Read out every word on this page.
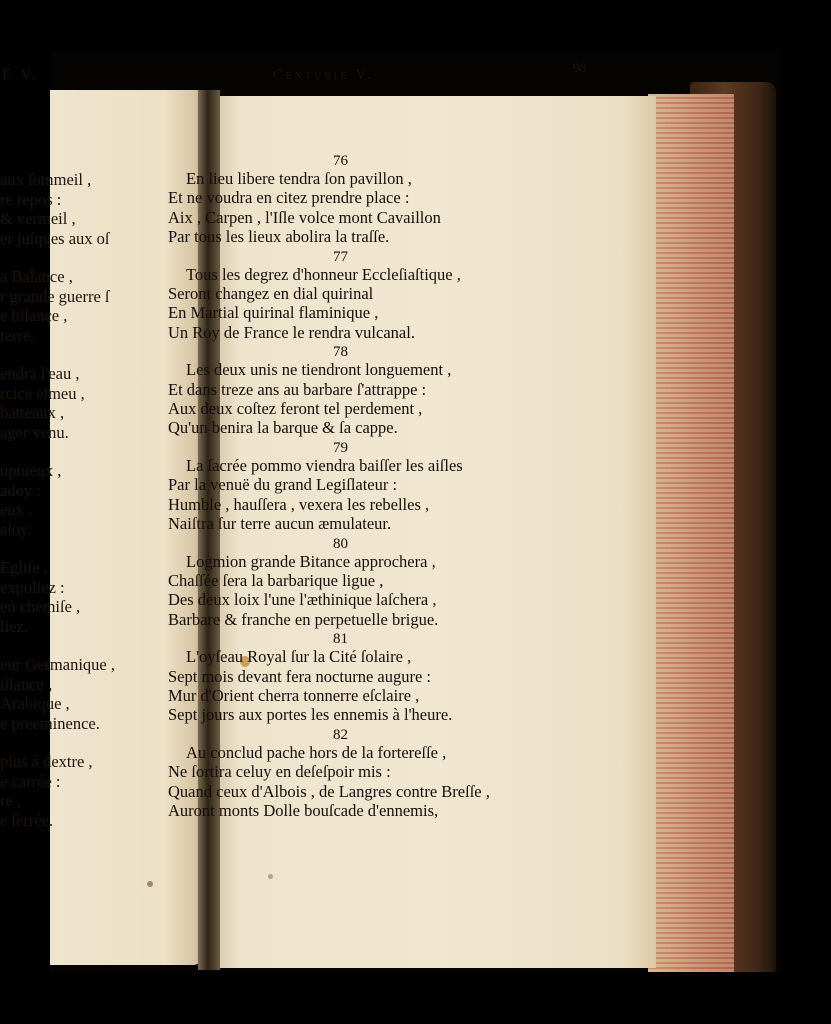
E V.
aux ſommeil ,
re repos :
& vermeil ,
er juſques aux oſ
a Balance ,
r grande guerre ſ
e biſance ,
terre.
endra l'eau ,
rcice eſmeu ,
batteaux ,
ager venu.
uptueux ,
adoy :
eux ,
aloy.
Egliſe ,
expoliez :
en chemiſe ,
liez.
eur Germanique ,
iſſance ,
Arabique ,
e preeminence.
plus à dextre ,
e carrée :
re ,
e ſerrée.
Centurie V.	98
76
En lieu libere tendra ſon pavillon ,
Et ne voudra en citez prendre place :
Aix , Carpen , l'Iſle volce mont Cavaillon
Par tous les lieux abolira la traſſe.
77
Tous les degrez d'honneur Eccleſiaſtique ,
Seront changez en dial quirinal
En Martial quirinal flaminique ,
Un Roy de France le rendra vulcanal.
78
Les deux unis ne tiendront longuement ,
Et dans treze ans au barbare ſ'attrappe :
Aux deux coſtez feront tel perdement ,
Qu'un benira la barque & ſa cappe.
79
La ſacrée pommo viendra baiſſer les aiſles
Par la venuë du grand Legiſlateur :
Humble , hauſſera , vexera les rebelles ,
Naiſtra ſur terre aucun æmulateur.
80
Logmion grande Bitance approchera ,
Chaſſée ſera la barbarique ligue ,
Des deux loix l'une l'æthinique laſchera ,
Barbare & franche en perpetuelle brigue.
81
L'oyſeau Royal ſur la Cité ſolaire ,
Sept mois devant fera nocturne augure :
Mur d'Orient cherra tonnerre eſclaire ,
Sept jours aux portes les ennemis à l'heure.
82
Au conclud pache hors de la fortereſſe ,
Ne ſortira celuy en deſeſpoir mis :
Quand ceux d'Albois , de Langres contre Breſſe ,
Auront monts Dolle bouſcade d'ennemis,
